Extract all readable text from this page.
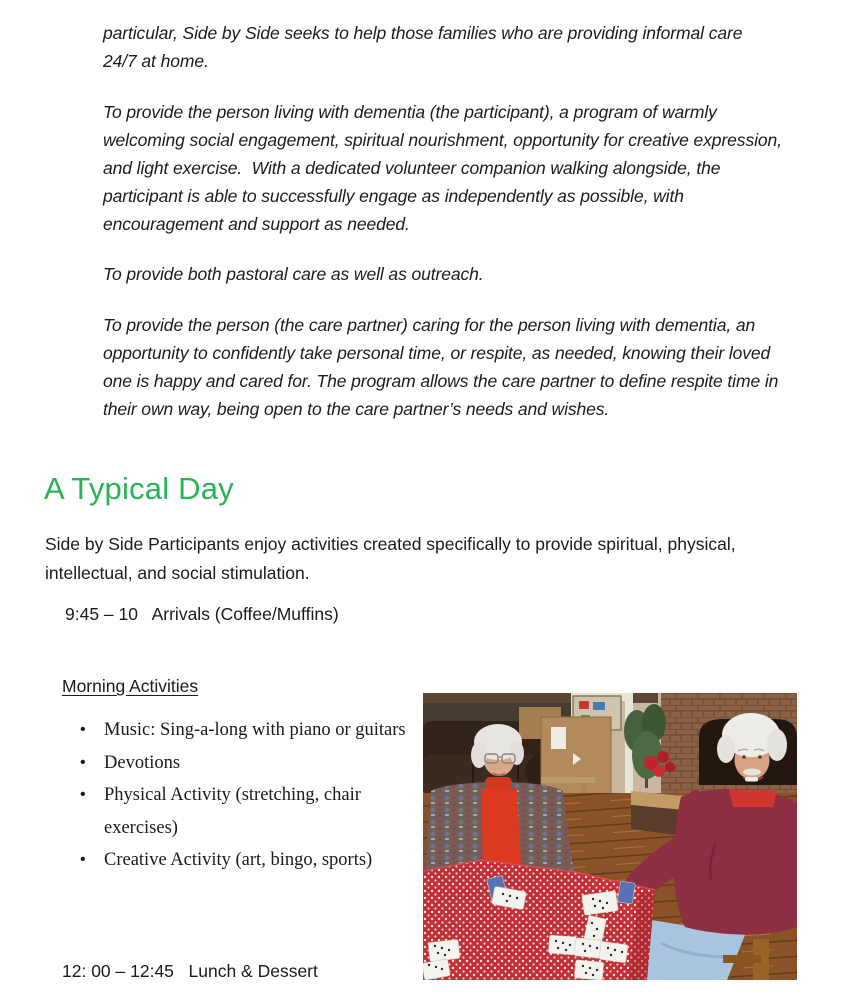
particular, Side by Side seeks to help those families who are providing informal care 24/7 at home.

To provide the person living with dementia (the participant), a program of warmly welcoming social engagement, spiritual nourishment, opportunity for creative expression, and light exercise.  With a dedicated volunteer companion walking alongside, the participant is able to successfully engage as independently as possible, with encouragement and support as needed.

To provide both pastoral care as well as outreach.

To provide the person (the care partner) caring for the person living with dementia, an opportunity to confidently take personal time, or respite, as needed, knowing their loved one is happy and cared for. The program allows the care partner to define respite time in their own way, being open to the care partner’s needs and wishes.

A Typical Day

Side by Side Participants enjoy activities created specifically to provide spiritual, physical, intellectual, and social stimulation.

9:45 – 10   Arrivals (Coffee/Muffins)
Morning Activities
• Music: Sing-a-long with piano or guitars
• Devotions
• Physical Activity (stretching, chair exercises)
• Creative Activity (art, bingo, sports)
12: 00 – 12:45   Lunch & Dessert
